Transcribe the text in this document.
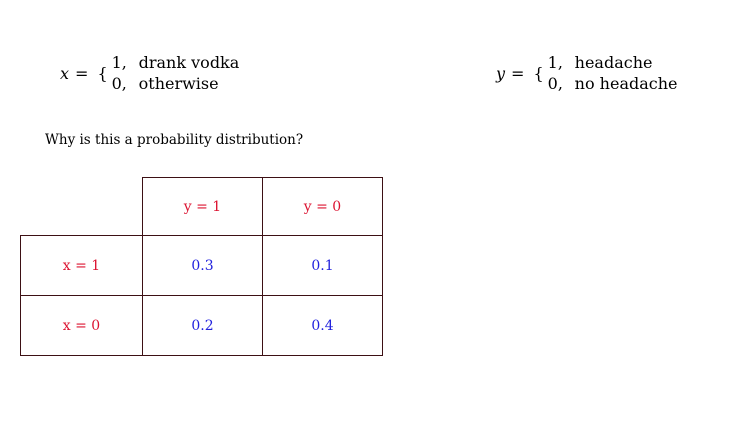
x = {
1, drank vodka
0, otherwise
y = {
1, headache
0, no headache
Why is this a probability distribution?
	y = 1	y = 0
x = 1	0.3	0.1
x = 0	0.2	0.4
